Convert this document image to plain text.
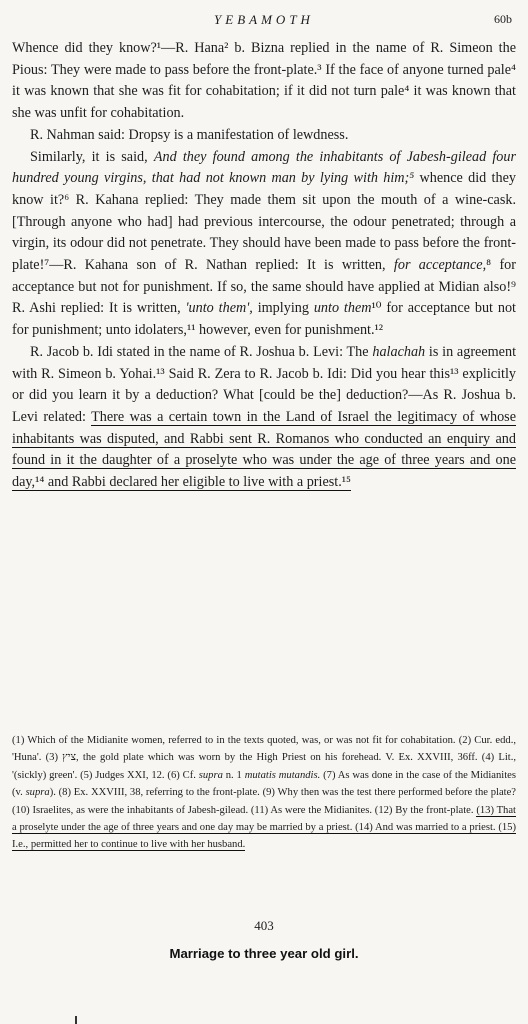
YEBAMOTH	60b

Whence did they know?¹—R. Hana² b. Bizna replied in the name of R. Simeon the Pious: They were made to pass before the front-plate.³ If the face of anyone turned pale⁴ it was known that she was fit for cohabitation; if it did not turn pale⁴ it was known that she was unfit for cohabitation.

R. Nahman said: Dropsy is a manifestation of lewdness.

Similarly, it is said, And they found among the inhabitants of Jabesh-gilead four hundred young virgins, that had not known man by lying with him;⁵ whence did they know it?⁶ R. Kahana replied: They made them sit upon the mouth of a wine-cask. [Through anyone who had] had previous intercourse, the odour penetrated; through a virgin, its odour did not penetrate. They should have been made to pass before the front-plate!⁷—R. Kahana son of R. Nathan replied: It is written, for acceptance,⁸ for acceptance but not for punishment. If so, the same should have applied at Midian also!⁹ R. Ashi replied: It is written, 'unto them', implying unto them¹⁰ for acceptance but not for punishment; unto idolaters,¹¹ however, even for punishment.¹²

R. Jacob b. Idi stated in the name of R. Joshua b. Levi: The halachah is in agreement with R. Simeon b. Yohai.¹³ Said R. Zera to R. Jacob b. Idi: Did you hear this¹³ explicitly or did you learn it by a deduction? What [could be the] deduction?—As R. Joshua b. Levi related: There was a certain town in the Land of Israel the legitimacy of whose inhabitants was disputed, and Rabbi sent R. Romanos who conducted an enquiry and found in it the daughter of a proselyte who was under the age of three years and one day,¹⁴ and Rabbi declared her eligible to live with a priest.¹⁵

(1) Which of the Midianite women, referred to in the texts quoted, was, or was not fit for cohabitation. (2) Cur. edd., 'Huna'. (3) ציץ, the gold plate which was worn by the High Priest on his forehead. V. Ex. XXVIII, 36ff. (4) Lit., '(sickly) green'. (5) Judges XXI, 12. (6) Cf. supra n. 1 mutatis mutandis. (7) As was done in the case of the Midianites (v. supra). (8) Ex. XXVIII, 38, referring to the front-plate. (9) Why then was the test there performed before the plate? (10) Israelites, as were the inhabitants of Jabesh-gilead. (11) As were the Midianites. (12) By the front-plate. (13) That a proselyte under the age of three years and one day may be married by a priest. (14) And was married to a priest. (15) I.e., permitted her to continue to live with her husband.

403
Marriage to three year old girl.
